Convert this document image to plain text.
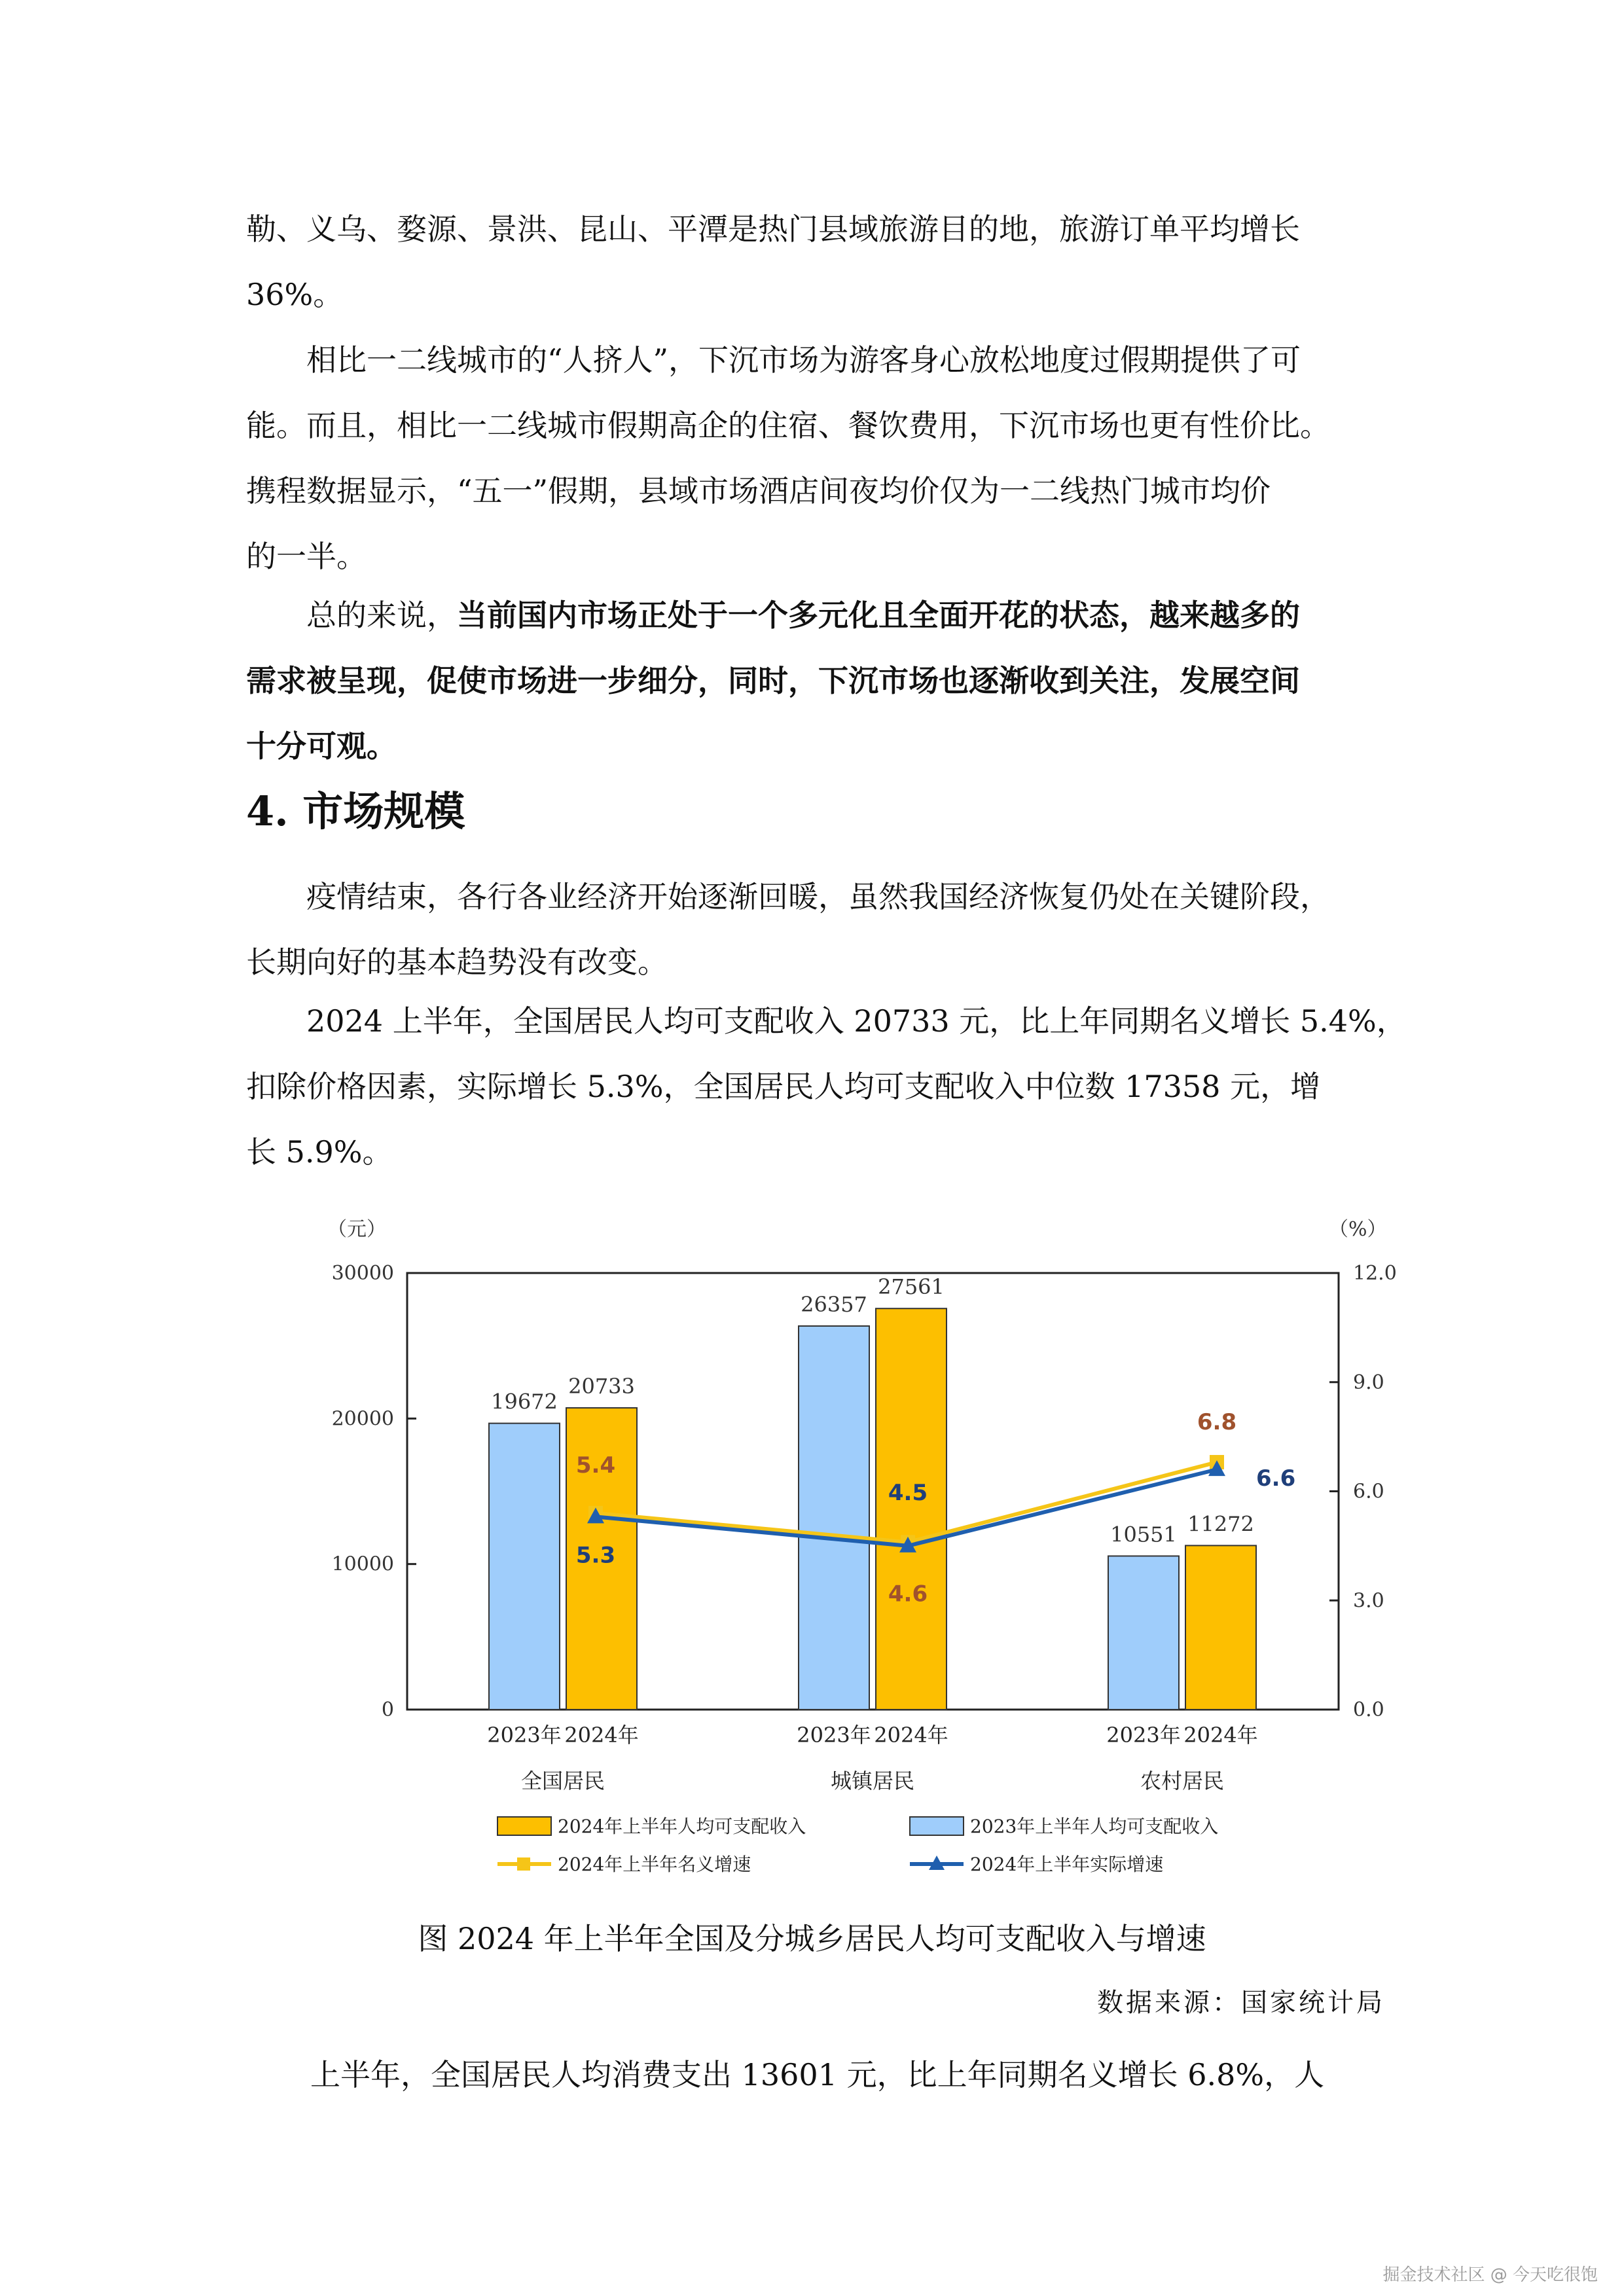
勒、义乌、婺源、景洪、昆山、平潭是热门县域旅游目的地，旅游订单平均增长
36%。
相比一二线城市的“人挤人”，下沉市场为游客身心放松地度过假期提供了可
能。而且，相比一二线城市假期高企的住宿、餐饮费用，下沉市场也更有性价比。
携程数据显示，“五一”假期，县域市场酒店间夜均价仅为一二线热门城市均价
的一半。
总的来说，当前国内市场正处于一个多元化且全面开花的状态，越来越多的
需求被呈现，促使市场进一步细分，同时，下沉市场也逐渐收到关注，发展空间
十分可观。
4. 市场规模
疫情结束，各行各业经济开始逐渐回暖，虽然我国经济恢复仍处在关键阶段，
长期向好的基本趋势没有改变。
2024 上半年，全国居民人均可支配收入 20733 元，比上年同期名义增长 5.4%，
扣除价格因素，实际增长 5.3%，全国居民人均可支配收入中位数 17358 元，增
长 5.9%。
（元）	（%）
0
10000
20000
30000
0.0
3.0
6.0
9.0
12.0
19672
20733
2023年 2024年
全国居民
26357
27561
2023年 2024年
城镇居民
10551 11272
2023年 2024年
农村居民
5.4
4.6
6.8
5.3
4.5
6.6
2024年上半年人均可支配收入	2023年上半年人均可支配收入
2024年上半年名义增速	2024年上半年实际增速
图 2024 年上半年全国及分城乡居民人均可支配收入与增速
数据来源：国家统计局
上半年，全国居民人均消费支出 13601 元，比上年同期名义增长 6.8%，人
掘金技术社区 @ 今天吃很饱
